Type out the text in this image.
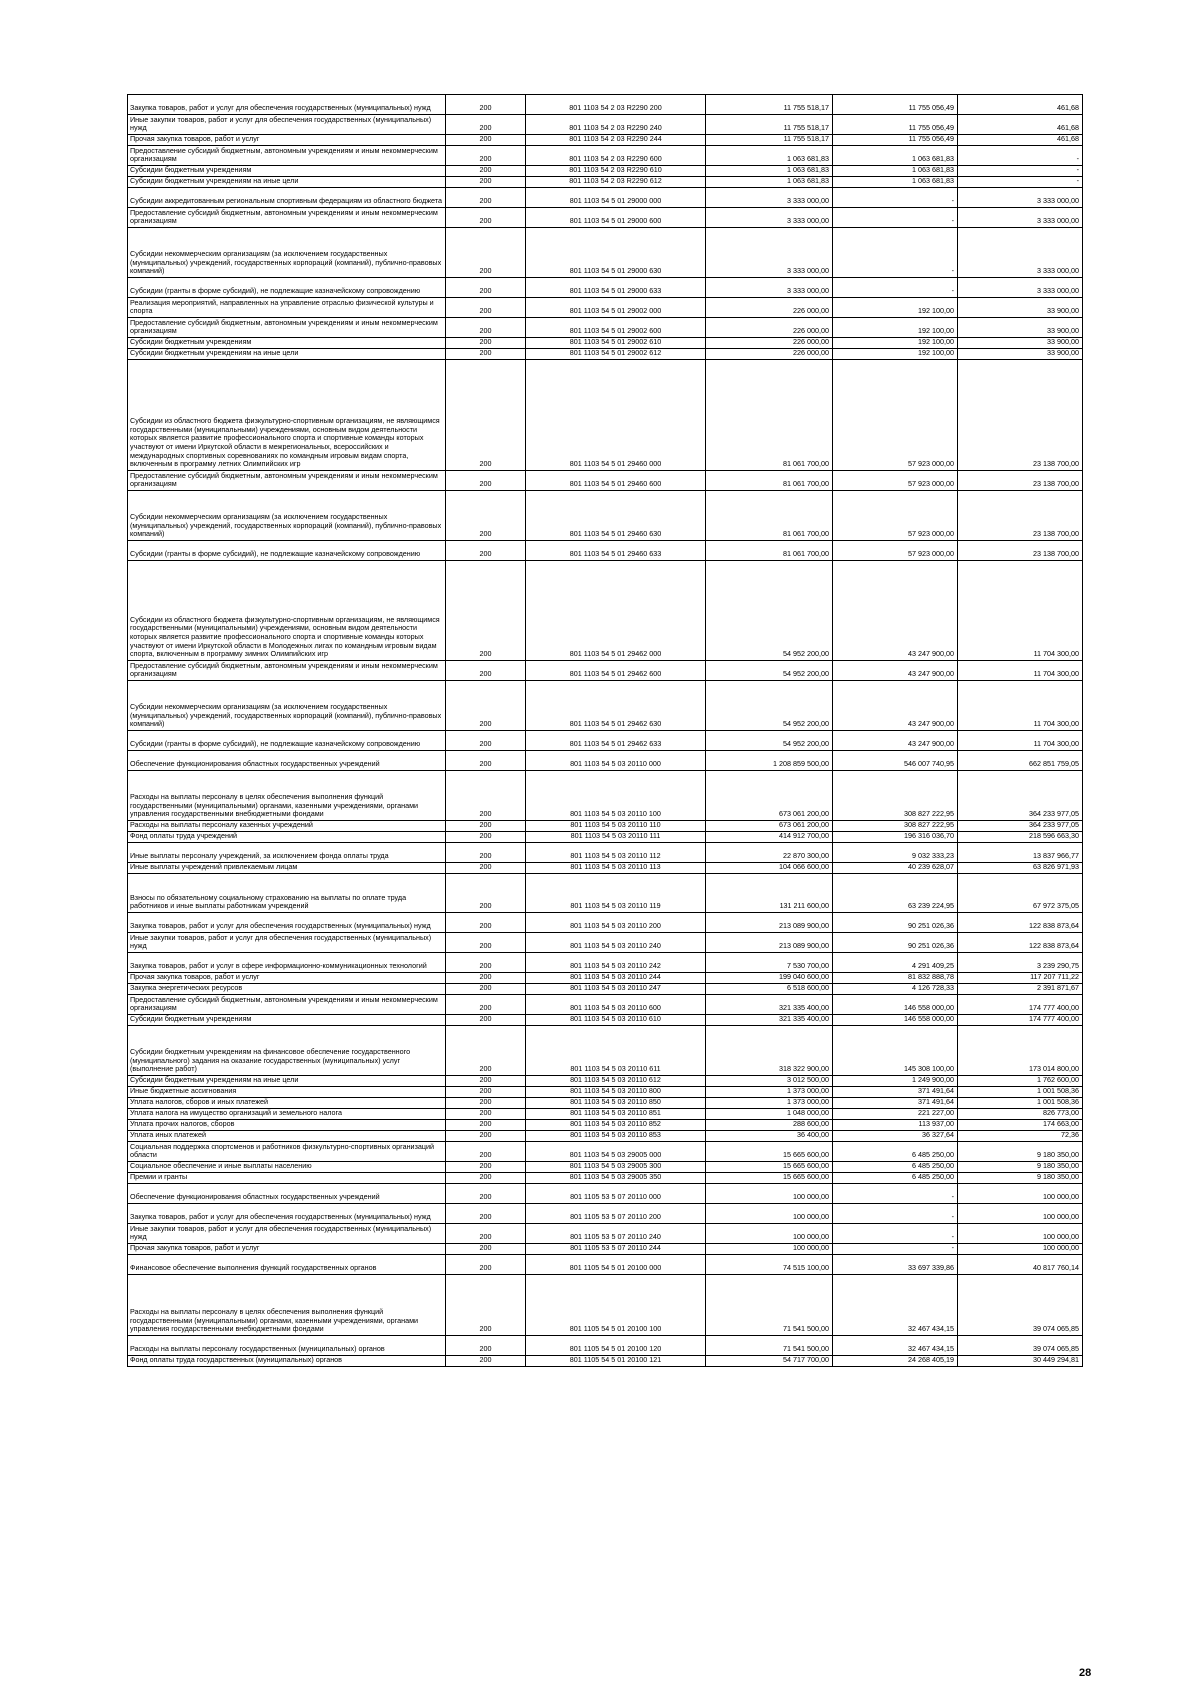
Закупка товаров, работ и услуг для обеспечения государственных (муниципальных) нужд	200	801 1103 54 2 03 R2290 200	11 755 518,17	11 755 056,49	461,68
Иные закупки товаров, работ и услуг для обеспечения государственных (муниципальных) нужд	200	801 1103 54 2 03 R2290 240	11 755 518,17	11 755 056,49	461,68
Прочая закупка товаров, работ и услуг	200	801 1103 54 2 03 R2290 244	11 755 518,17	11 755 056,49	461,68
Предоставление субсидий бюджетным, автономным учреждениям и иным некоммерческим организациям	200	801 1103 54 2 03 R2290 600	1 063 681,83	1 063 681,83	-
Субсидии бюджетным учреждениям	200	801 1103 54 2 03 R2290 610	1 063 681,83	1 063 681,83	-
Субсидии бюджетным учреждениям на иные цели	200	801 1103 54 2 03 R2290 612	1 063 681,83	1 063 681,83	-
Субсидии аккредитованным региональным спортивным федерациям из областного бюджета	200	801 1103 54 5 01 29000 000	3 333 000,00	-	3 333 000,00
Предоставление субсидий бюджетным, автономным учреждениям и иным некоммерческим организациям	200	801 1103 54 5 01 29000 600	3 333 000,00	-	3 333 000,00
Субсидии некоммерческим организациям (за исключением государственных (муниципальных) учреждений, государственных корпораций (компаний), публично-правовых компаний)	200	801 1103 54 5 01 29000 630	3 333 000,00	-	3 333 000,00
Субсидии (гранты в форме субсидий), не подлежащие казначейскому сопровождению	200	801 1103 54 5 01 29000 633	3 333 000,00	-	3 333 000,00
Реализация мероприятий, направленных на управление отраслью физической культуры и спорта	200	801 1103 54 5 01 29002 000	226 000,00	192 100,00	33 900,00
Предоставление субсидий бюджетным, автономным учреждениям и иным некоммерческим организациям	200	801 1103 54 5 01 29002 600	226 000,00	192 100,00	33 900,00
Субсидии бюджетным учреждениям	200	801 1103 54 5 01 29002 610	226 000,00	192 100,00	33 900,00
Субсидии бюджетным учреждениям на иные цели	200	801 1103 54 5 01 29002 612	226 000,00	192 100,00	33 900,00
Субсидии из областного бюджета физкультурно-спортивным организациям, не являющимся государственными (муниципальными) учреждениями, основным видом деятельности которых является развитие профессионального спорта и спортивные команды которых участвуют от имени Иркутской области в межрегиональных, всероссийских и международных спортивных соревнованиях по командным игровым видам спорта, включенным в программу летних Олимпийских игр	200	801 1103 54 5 01 29460 000	81 061 700,00	57 923 000,00	23 138 700,00
Предоставление субсидий бюджетным, автономным учреждениям и иным некоммерческим организациям	200	801 1103 54 5 01 29460 600	81 061 700,00	57 923 000,00	23 138 700,00
Субсидии некоммерческим организациям (за исключением государственных (муниципальных) учреждений, государственных корпораций (компаний), публично-правовых компаний)	200	801 1103 54 5 01 29460 630	81 061 700,00	57 923 000,00	23 138 700,00
Субсидии (гранты в форме субсидий), не подлежащие казначейскому сопровождению	200	801 1103 54 5 01 29460 633	81 061 700,00	57 923 000,00	23 138 700,00
Субсидии из областного бюджета физкультурно-спортивным организациям, не являющимся государственными (муниципальными) учреждениями, основным видом деятельности которых является развитие профессионального спорта и спортивные команды которых участвуют от имени Иркутской области в Молодежных лигах по командным игровым видам спорта, включенным в программу зимних Олимпийских игр	200	801 1103 54 5 01 29462 000	54 952 200,00	43 247 900,00	11 704 300,00
Предоставление субсидий бюджетным, автономным учреждениям и иным некоммерческим организациям	200	801 1103 54 5 01 29462 600	54 952 200,00	43 247 900,00	11 704 300,00
Субсидии некоммерческим организациям (за исключением государственных (муниципальных) учреждений, государственных корпораций (компаний), публично-правовых компаний)	200	801 1103 54 5 01 29462 630	54 952 200,00	43 247 900,00	11 704 300,00
Субсидии (гранты в форме субсидий), не подлежащие казначейскому сопровождению	200	801 1103 54 5 01 29462 633	54 952 200,00	43 247 900,00	11 704 300,00
Обеспечение функционирования областных государственных учреждений	200	801 1103 54 5 03 20110 000	1 208 859 500,00	546 007 740,95	662 851 759,05
Расходы на выплаты персоналу в целях обеспечения выполнения функций государственными (муниципальными) органами, казенными учреждениями, органами управления государственными внебюджетными фондами	200	801 1103 54 5 03 20110 100	673 061 200,00	308 827 222,95	364 233 977,05
Расходы на выплаты персоналу казенных учреждений	200	801 1103 54 5 03 20110 110	673 061 200,00	308 827 222,95	364 233 977,05
Фонд оплаты труда учреждений	200	801 1103 54 5 03 20110 111	414 912 700,00	196 316 036,70	218 596 663,30
Иные выплаты персоналу учреждений, за исключением фонда оплаты труда	200	801 1103 54 5 03 20110 112	22 870 300,00	9 032 333,23	13 837 966,77
Иные выплаты учреждений привлекаемым лицам	200	801 1103 54 5 03 20110 113	104 066 600,00	40 239 628,07	63 826 971,93
Взносы по обязательному социальному страхованию на выплаты по оплате труда работников и иные выплаты работникам учреждений	200	801 1103 54 5 03 20110 119	131 211 600,00	63 239 224,95	67 972 375,05
Закупка товаров, работ и услуг для обеспечения государственных (муниципальных) нужд	200	801 1103 54 5 03 20110 200	213 089 900,00	90 251 026,36	122 838 873,64
Иные закупки товаров, работ и услуг для обеспечения государственных (муниципальных) нужд	200	801 1103 54 5 03 20110 240	213 089 900,00	90 251 026,36	122 838 873,64
Закупка товаров, работ и услуг в сфере информационно-коммуникационных технологий	200	801 1103 54 5 03 20110 242	7 530 700,00	4 291 409,25	3 239 290,75
Прочая закупка товаров, работ и услуг	200	801 1103 54 5 03 20110 244	199 040 600,00	81 832 888,78	117 207 711,22
Закупка энергетических ресурсов	200	801 1103 54 5 03 20110 247	6 518 600,00	4 126 728,33	2 391 871,67
Предоставление субсидий бюджетным, автономным учреждениям и иным некоммерческим организациям	200	801 1103 54 5 03 20110 600	321 335 400,00	146 558 000,00	174 777 400,00
Субсидии бюджетным учреждениям	200	801 1103 54 5 03 20110 610	321 335 400,00	146 558 000,00	174 777 400,00
Субсидии бюджетным учреждениям на финансовое обеспечение государственного (муниципального) задания на оказание государственных (муниципальных) услуг (выполнение работ)	200	801 1103 54 5 03 20110 611	318 322 900,00	145 308 100,00	173 014 800,00
Субсидии бюджетным учреждениям на иные цели	200	801 1103 54 5 03 20110 612	3 012 500,00	1 249 900,00	1 762 600,00
Иные бюджетные ассигнования	200	801 1103 54 5 03 20110 800	1 373 000,00	371 491,64	1 001 508,36
Уплата налогов, сборов и иных платежей	200	801 1103 54 5 03 20110 850	1 373 000,00	371 491,64	1 001 508,36
Уплата налога на имущество организаций и земельного налога	200	801 1103 54 5 03 20110 851	1 048 000,00	221 227,00	826 773,00
Уплата прочих налогов, сборов	200	801 1103 54 5 03 20110 852	288 600,00	113 937,00	174 663,00
Уплата иных платежей	200	801 1103 54 5 03 20110 853	36 400,00	36 327,64	72,36
Социальная поддержка спортсменов и работников физкультурно-спортивных организаций области	200	801 1103 54 5 03 29005 000	15 665 600,00	6 485 250,00	9 180 350,00
Социальное обеспечение и иные выплаты населению	200	801 1103 54 5 03 29005 300	15 665 600,00	6 485 250,00	9 180 350,00
Премии и гранты	200	801 1103 54 5 03 29005 350	15 665 600,00	6 485 250,00	9 180 350,00
Обеспечение функционирования областных государственных учреждений	200	801 1105 53 5 07 20110 000	100 000,00	-	100 000,00
Закупка товаров, работ и услуг для обеспечения государственных (муниципальных) нужд	200	801 1105 53 5 07 20110 200	100 000,00	-	100 000,00
Иные закупки товаров, работ и услуг для обеспечения государственных (муниципальных) нужд	200	801 1105 53 5 07 20110 240	100 000,00	-	100 000,00
Прочая закупка товаров, работ и услуг	200	801 1105 53 5 07 20110 244	100 000,00	-	100 000,00
Финансовое обеспечение выполнения функций государственных органов	200	801 1105 54 5 01 20100 000	74 515 100,00	33 697 339,86	40 817 760,14
Расходы на выплаты персоналу в целях обеспечения выполнения функций государственными (муниципальными) органами, казенными учреждениями, органами управления государственными внебюджетными фондами	200	801 1105 54 5 01 20100 100	71 541 500,00	32 467 434,15	39 074 065,85
Расходы на выплаты персоналу государственных (муниципальных) органов	200	801 1105 54 5 01 20100 120	71 541 500,00	32 467 434,15	39 074 065,85
Фонд оплаты труда государственных (муниципальных) органов	200	801 1105 54 5 01 20100 121	54 717 700,00	24 268 405,19	30 449 294,81
28
